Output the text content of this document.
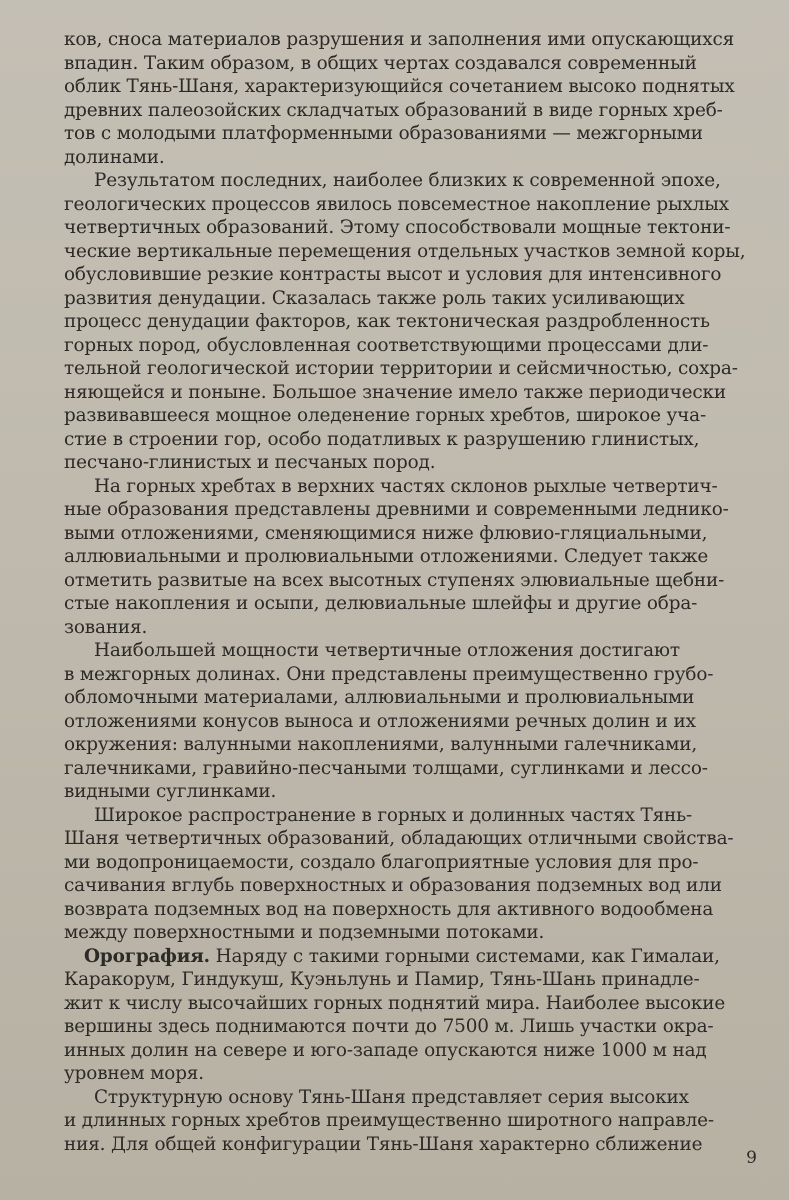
ков, сноса материалов разрушения и заполнения ими опускающихся
впадин. Таким образом, в общих чертах создавался современный
облик Тянь-Шаня, характеризующийся сочетанием высоко поднятых
древних палеозойских складчатых образований в виде горных хреб-
тов с молодыми платформенными образованиями — межгорными
долинами.

Результатом последних, наиболее близких к современной эпохе,
геологических процессов явилось повсеместное накопление рыхлых
четвертичных образований. Этому способствовали мощные тектони-
ческие вертикальные перемещения отдельных участков земной коры,
обусловившие резкие контрасты высот и условия для интенсивного
развития денудации. Сказалась также роль таких усиливающих
процесс денудации факторов, как тектоническая раздробленность
горных пород, обусловленная соответствующими процессами дли-
тельной геологической истории территории и сейсмичностью, сохра-
няющейся и поныне. Большое значение имело также периодически
развивавшееся мощное оледенение горных хребтов, широкое уча-
стие в строении гор, особо податливых к разрушению глинистых,
песчано-глинистых и песчаных пород.

На горных хребтах в верхних частях склонов рыхлые четвертич-
ные образования представлены древними и современными леднико-
выми отложениями, сменяющимися ниже флювио-гляциальными,
аллювиальными и пролювиальными отложениями. Следует также
отметить развитые на всех высотных ступенях элювиальные щебни-
стые накопления и осыпи, делювиальные шлейфы и другие обра-
зования.

Наибольшей мощности четвертичные отложения достигают
в межгорных долинах. Они представлены преимущественно грубо-
обломочными материалами, аллювиальными и пролювиальными
отложениями конусов выноса и отложениями речных долин и их
окружения: валунными накоплениями, валунными галечниками,
галечниками, гравийно-песчаными толщами, суглинками и лессо-
видными суглинками.

Широкое распространение в горных и долинных частях Тянь-
Шаня четвертичных образований, обладающих отличными свойства-
ми водопроницаемости, создало благоприятные условия для про-
сачивания вглубь поверхностных и образования подземных вод или
возврата подземных вод на поверхность для активного водообмена
между поверхностными и подземными потоками.

Орография. Наряду с такими горными системами, как Гималаи,
Каракорум, Гиндукуш, Куэньлунь и Памир, Тянь-Шань принадле-
жит к числу высочайших горных поднятий мира. Наиболее высокие
вершины здесь поднимаются почти до 7500 м. Лишь участки окра-
инных долин на севере и юго-западе опускаются ниже 1000 м над
уровнем моря.

Структурную основу Тянь-Шаня представляет серия высоких
и длинных горных хребтов преимущественно широтного направле-
ния. Для общей конфигурации Тянь-Шаня характерно сближение

9
